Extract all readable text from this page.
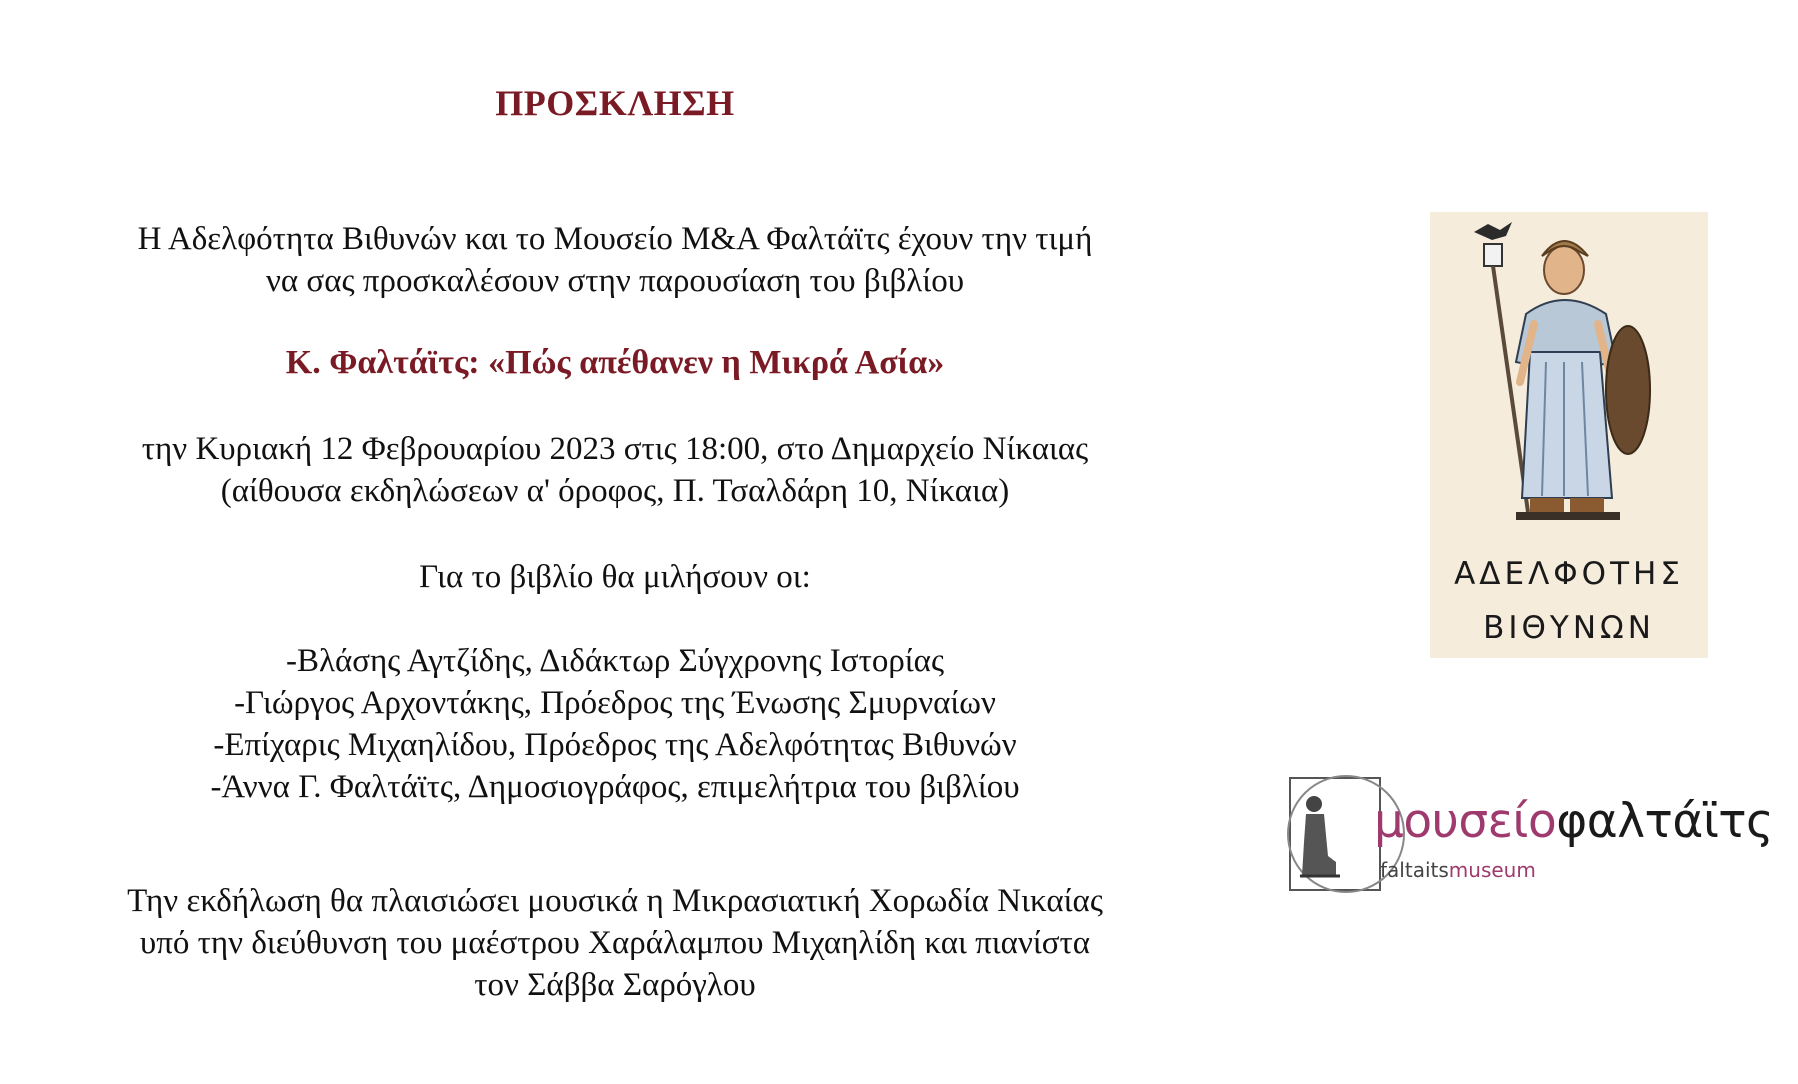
ΠΡΟΣΚΛΗΣΗ
Η Αδελφότητα Βιθυνών και το Μουσείο Μ&Α Φαλτάϊτς έχουν την τιμή
να σας προσκαλέσουν στην παρουσίαση του βιβλίου
Κ. Φαλτάϊτς: «Πώς απέθανεν η Μικρά Ασία»
την Κυριακή 12 Φεβρουαρίου 2023 στις 18:00, στο Δημαρχείο Νίκαιας
(αίθουσα εκδηλώσεων α' όροφος, Π. Τσαλδάρη 10, Νίκαια)
Για το βιβλίο θα μιλήσουν οι:
-Βλάσης Αγτζίδης, Διδάκτωρ Σύγχρονης Ιστορίας
-Γιώργος Αρχοντάκης, Πρόεδρος της Ένωσης Σμυρναίων
-Επίχαρις Μιχαηλίδου, Πρόεδρος της Αδελφότητας Βιθυνών
-Άννα Γ. Φαλτάϊτς, Δημοσιογράφος, επιμελήτρια του βιβλίου
Την εκδήλωση θα πλαισιώσει μουσικά η Μικρασιατική Χορωδία Νικαίας
υπό την διεύθυνση του μαέστρου Χαράλαμπου Μιχαηλίδη και πιανίστα
τον Σάββα Σαρόγλου
ΑΔΕΛΦΟΤΗΣ
ΒΙΘΥΝΩΝ
μουσείοφαλτάϊτς
faltaitsmuseum
